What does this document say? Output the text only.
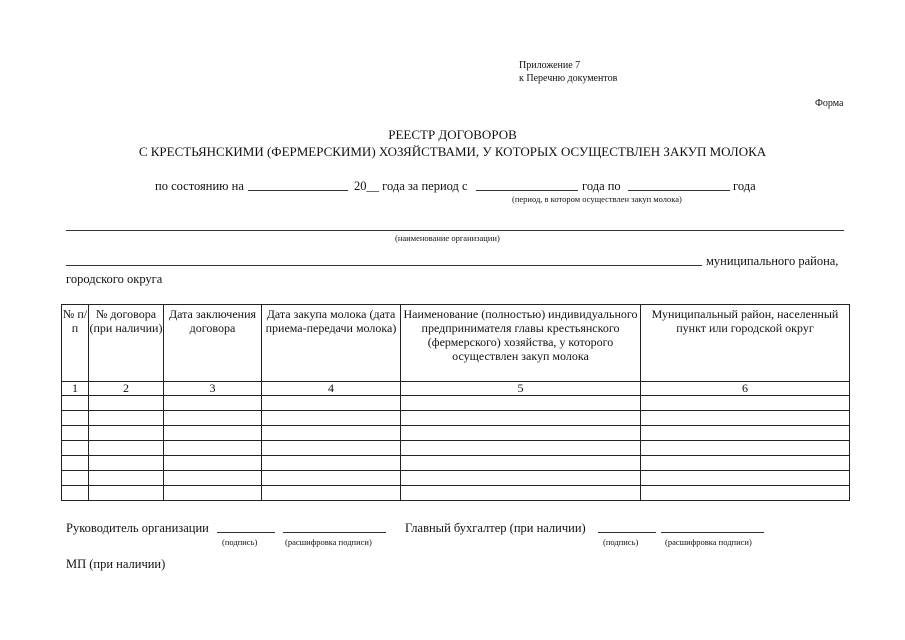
Приложение 7
к Перечню документов
Форма
РЕЕСТР ДОГОВОРОВ
С КРЕСТЬЯНСКИМИ (ФЕРМЕРСКИМИ) ХОЗЯЙСТВАМИ, У КОТОРЫХ ОСУЩЕСТВЛЕН ЗАКУП МОЛОКА
по состоянию на	20__ года за период с	года по	года
(период, в котором осуществлен закуп молока)
(наименование организации)
муниципального района,
городского округа
№ п/п	№ договора (при наличии)	Дата заключения договора	Дата закупа молока (дата приема-передачи молока)	Наименование (полностью) индивидуального предпринимателя главы крестьянского (фермерского) хозяйства, у которого осуществлен закуп молока	Муниципальный район, населенный пункт или городской округ
1	2	3	4	5	6

Руководитель организации
(подпись)	(расшифровка подписи)
Главный бухгалтер (при наличии)
(подпись)	(расшифровка подписи)
МП (при наличии)
